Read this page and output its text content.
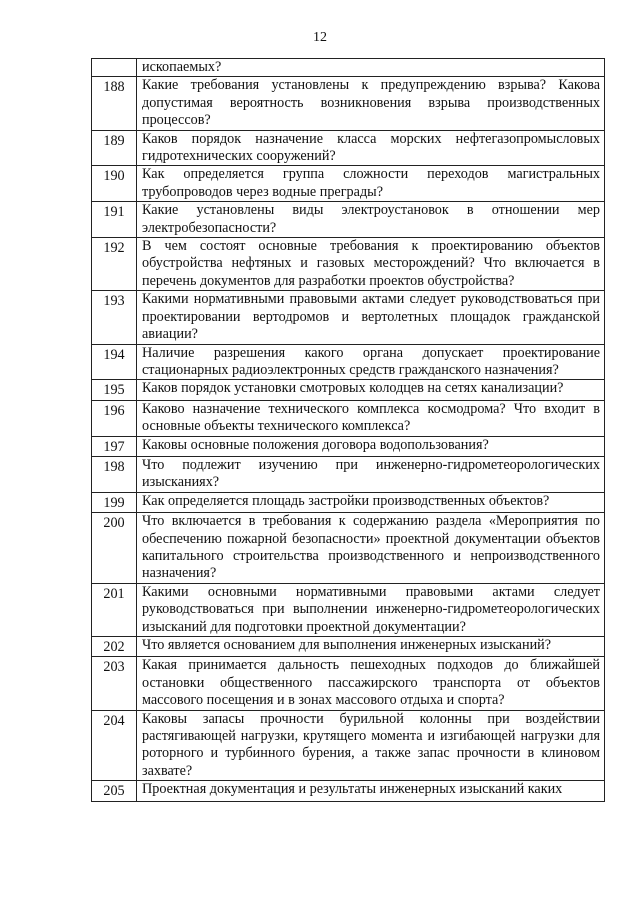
12
	ископаемых?
188	Какие требования установлены к предупреждению взрыва? Какова допустимая вероятность возникновения взрыва производственных процессов?
189	Каков порядок назначение класса морских нефтегазопромысловых гидротехнических сооружений?
190	Как определяется группа сложности переходов магистральных трубопроводов через водные преграды?
191	Какие установлены виды электроустановок в отношении мер электробезопасности?
192	В чем состоят основные требования к проектированию объектов обустройства нефтяных и газовых месторождений? Что включается в перечень документов для разработки проектов обустройства?
193	Какими нормативными правовыми актами следует руководствоваться при проектировании вертодромов и вертолетных площадок гражданской авиации?
194	Наличие разрешения какого органа допускает проектирование стационарных радиоэлектронных средств гражданского назначения?
195	Каков порядок установки смотровых колодцев на сетях канализации?
196	Каково назначение технического комплекса космодрома? Что входит в основные объекты технического комплекса?
197	Каковы основные положения договора водопользования?
198	Что подлежит изучению при инженерно-гидрометеорологических изысканиях?
199	Как определяется площадь застройки производственных объектов?
200	Что включается в требования к содержанию раздела «Мероприятия по обеспечению пожарной безопасности» проектной документации объектов капитального строительства производственного и непроизводственного назначения?
201	Какими основными нормативными правовыми актами следует руководствоваться при выполнении инженерно-гидрометеорологических изысканий для подготовки проектной документации?
202	Что является основанием для выполнения инженерных изысканий?
203	Какая принимается дальность пешеходных подходов до ближайшей остановки общественного пассажирского транспорта от объектов массового посещения и в зонах массового отдыха и спорта?
204	Каковы запасы прочности бурильной колонны при воздействии растягивающей нагрузки, крутящего момента и изгибающей нагрузки для роторного и турбинного бурения, а также запас прочности в клиновом захвате?
205	Проектная документация и результаты инженерных изысканий каких
